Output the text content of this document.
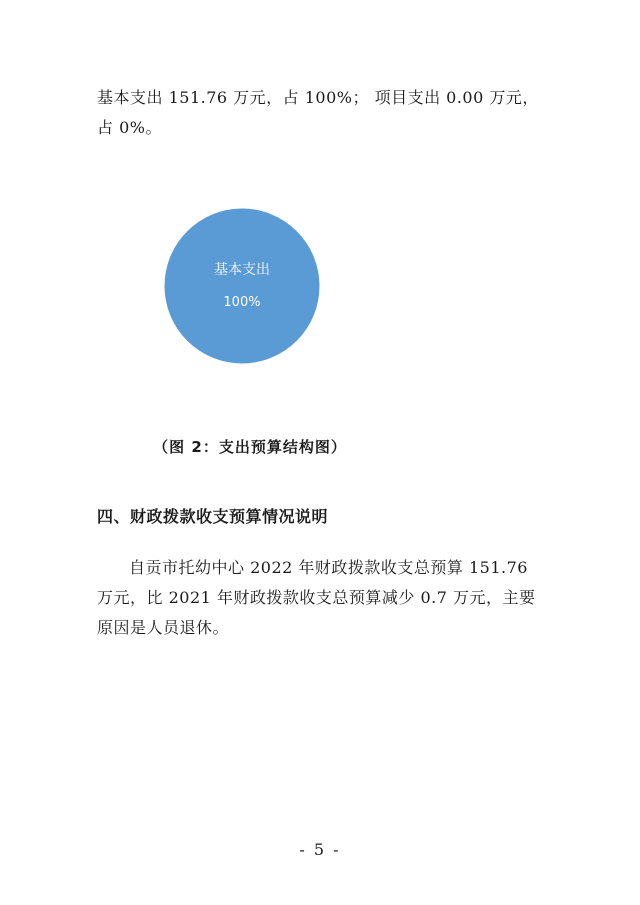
基本支出 151.76 万元，占 100%； 项目支出 0.00 万元，占 0%。

基本支出
100%
（图 2：支出预算结构图）
四、财政拨款收支预算情况说明

自贡市托幼中心 2022 年财政拨款收支总预算 151.76 万元，比 2021 年财政拨款收支总预算减少 0.7 万元，主要原因是人员退休。

- 5 -
